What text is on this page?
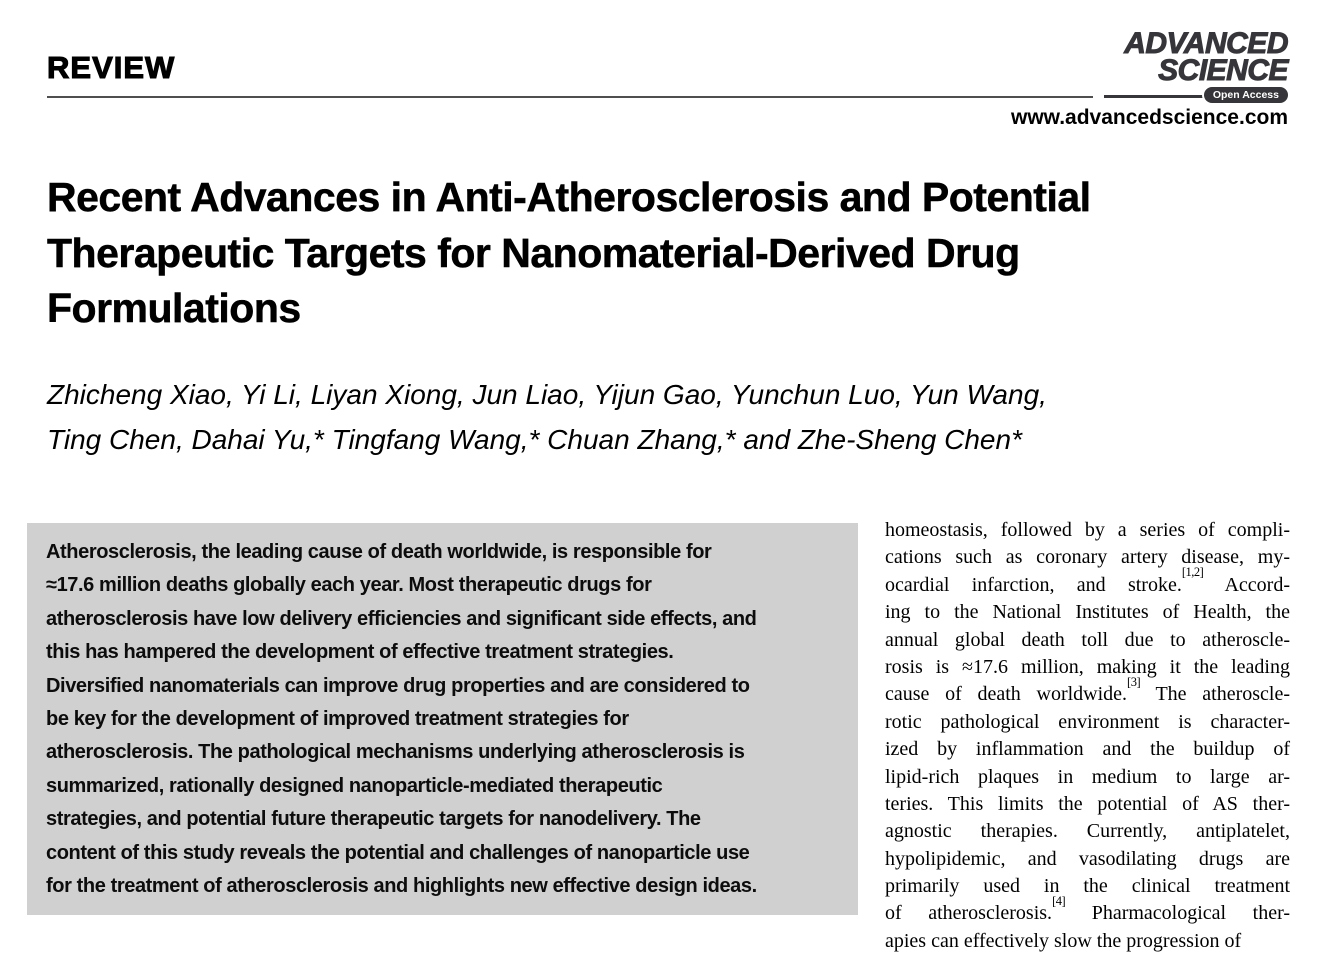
REVIEW
ADVANCED
SCIENCE
Open Access
www.advancedscience.com
Recent Advances in Anti-Atherosclerosis and Potential
Therapeutic Targets for Nanomaterial-Derived Drug
Formulations
Zhicheng Xiao, Yi Li, Liyan Xiong, Jun Liao, Yijun Gao, Yunchun Luo, Yun Wang,
Ting Chen, Dahai Yu,* Tingfang Wang,* Chuan Zhang,* and Zhe-Sheng Chen*
Atherosclerosis, the leading cause of death worldwide, is responsible for
≈17.6 million deaths globally each year. Most therapeutic drugs for
atherosclerosis have low delivery efficiencies and significant side effects, and
this has hampered the development of effective treatment strategies.
Diversified nanomaterials can improve drug properties and are considered to
be key for the development of improved treatment strategies for
atherosclerosis. The pathological mechanisms underlying atherosclerosis is
summarized, rationally designed nanoparticle-mediated therapeutic
strategies, and potential future therapeutic targets for nanodelivery. The
content of this study reveals the potential and challenges of nanoparticle use
for the treatment of atherosclerosis and highlights new effective design ideas.
homeostasis, followed by a series of compli-
cations such as coronary artery disease, my-
ocardial infarction, and stroke.[1,2] Accord-
ing to the National Institutes of Health, the
annual global death toll due to atheroscle-
rosis is ≈17.6 million, making it the leading
cause of death worldwide.[3] The atheroscle-
rotic pathological environment is character-
ized by inflammation and the buildup of
lipid-rich plaques in medium to large ar-
teries. This limits the potential of AS ther-
agnostic therapies. Currently, antiplatelet,
hypolipidemic, and vasodilating drugs are
primarily used in the clinical treatment
of atherosclerosis.[4] Pharmacological ther-
apies can effectively slow the progression of
